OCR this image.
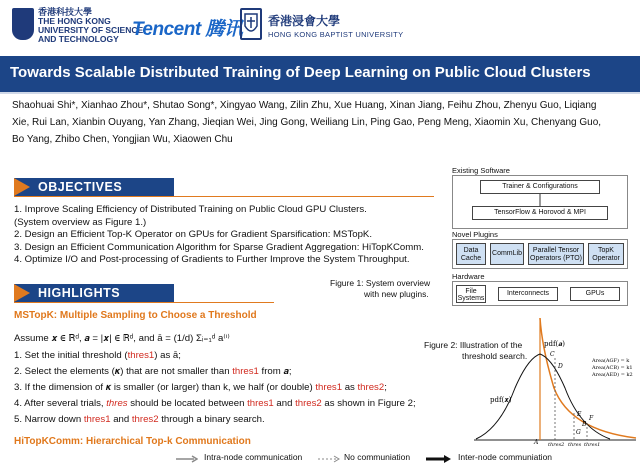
香港科技大學
THE HONG KONG
UNIVERSITY OF SCIENCE
AND TECHNOLOGY Tencent 腾讯 香港浸會大學
HONG KONG BAPTIST UNIVERSITY
Towards Scalable Distributed Training of Deep Learning on Public Cloud Clusters
Shaohuai Shi*, Xianhao Zhou*, Shutao Song*, Xingyao Wang, Zilin Zhu, Xue Huang, Xinan Jiang, Feihu Zhou, Zhenyu Guo, Liqiang
Xie, Rui Lan, Xianbin Ouyang, Yan Zhang, Jieqian Wei, Jing Gong, Weiliang Lin, Ping Gao, Peng Meng, Xiaomin Xu, Chenyang Guo,
Bo Yang, Zhibo Chen, Yongjian Wu, Xiaowen Chu
OBJECTIVES
1. Improve Scaling Efficiency of Distributed Training on Public Cloud GPU Clusters.
(System overview as Figure 1.)
2. Design an Efficient Top-K Operator on GPUs for Gradient Sparsification: MSTopK.
3. Design an Efficient Communication Algorithm for Sparse Gradient Aggregation: HiTopKComm.
4. Optimize I/O and Post-processing of Gradients to Further Improve the System Throughput.
HIGHLIGHTS
MSTopK: Multiple Sampling to Choose a Threshold
Assume 𝒙 ∈ ℝᵈ, 𝒂 = |𝒙| ∈ ℝᵈ, and ā = (1/d) Σᵢ₌₁ᵈ a⁽ⁱ⁾
1. Set the initial threshold (thres1) as ā;
2. Select the elements (𝜿) that are not smaller than thres1 from 𝒂;
3. If the dimension of 𝜿 is smaller (or larger) than k, we half (or double) thres1 as thres2;
4. After several trials, thres should be located between thres1 and thres2 as shown in Figure 2;
5. Narrow down thres1 and thres2 through a binary search.
HiTopKComm: Hierarchical Top-k Communication
Intra-node communication	No communiation	Inter-node communiation
Existing Software
Trainer & Configurations
TensorFlow & Horovod & MPI
Novel Plugins
Data Cache
CommLib	Parallel Tensor Operators (PTO)
TopK Operator
Hardware
File Systems
Interconnects	GPUs
Figure 1: System overview
with new plugins.
Figure 2: Illustration of the
threshold search.
pdf(𝒂)
pdf(𝒙)
Area(AGF) = k
Area(ACB) = k1
Area(AED) = k2
A
B
C
D
E
F
G
thres2 thres thres1
